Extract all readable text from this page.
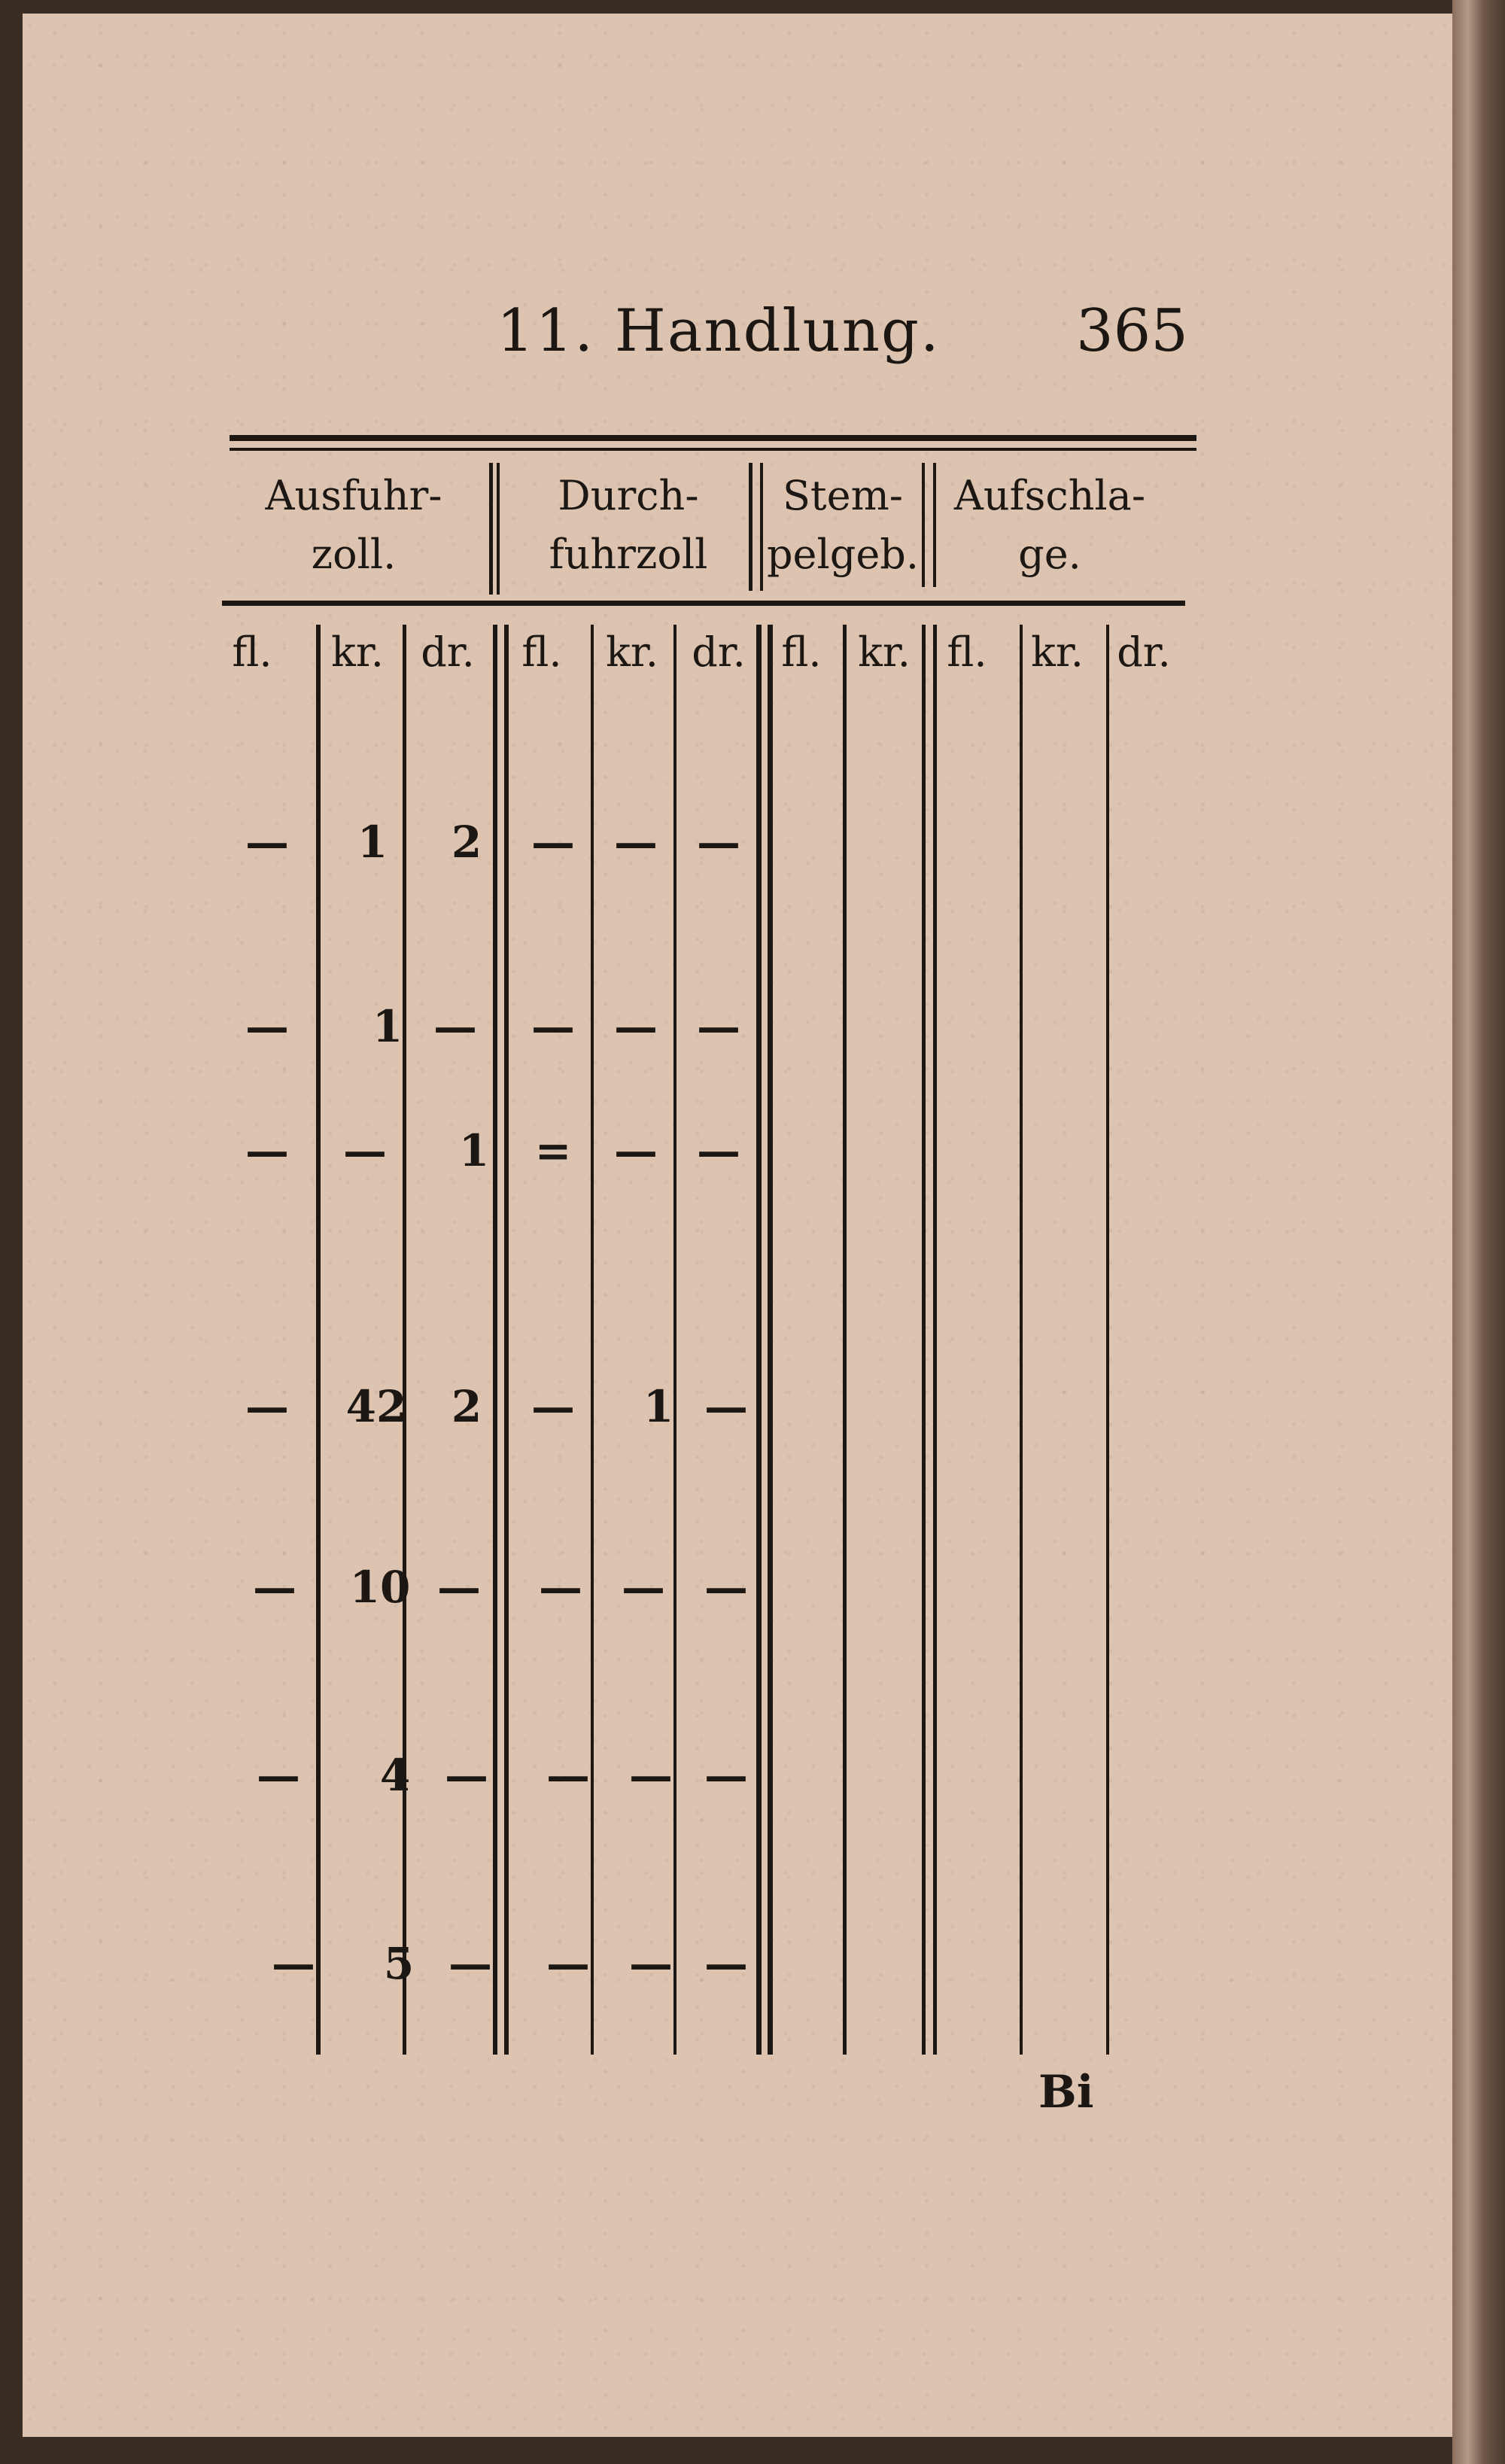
11. Handlung.	365
Ausfuhr-
zoll.
Durch-
fuhrzoll
Stem-
pelgeb.
Aufschla-
ge.
fl.	kr. dr.	fl.	kr. dr. fl. kr. fl.	kr. dr.
—	1	2	— — —
—	1 —	— — —
—	—	1	= — —
—	42	2	—	1 —
—	10 —	— — —
—	4 —	— — —
—	5 —	— — —
Bi
